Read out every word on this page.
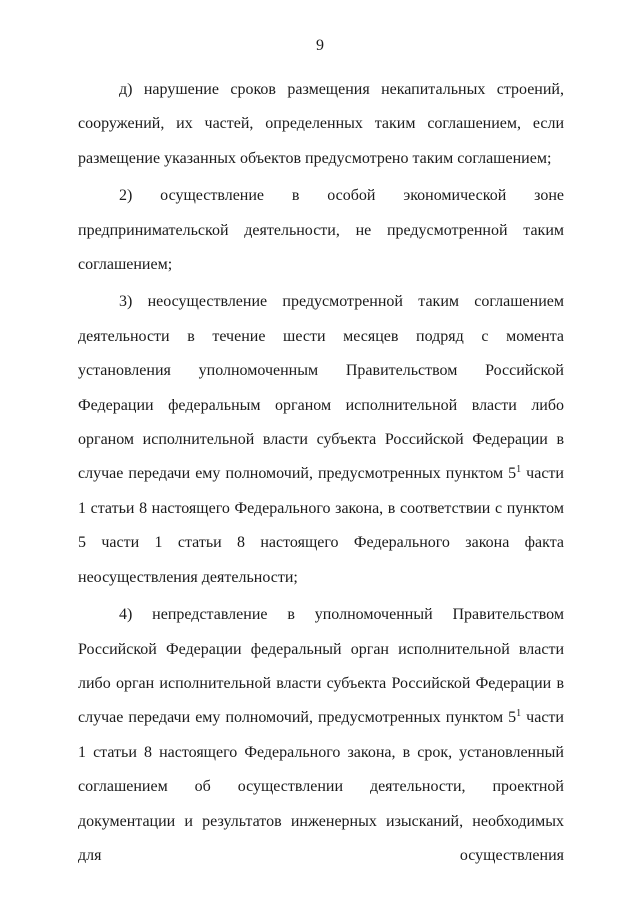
9

д) нарушение сроков размещения некапитальных строений, сооружений, их частей, определенных таким соглашением, если размещение указанных объектов предусмотрено таким соглашением;

2) осуществление в особой экономической зоне предпринимательской деятельности, не предусмотренной таким соглашением;

3) неосуществление предусмотренной таким соглашением деятельности в течение шести месяцев подряд с момента установления уполномоченным Правительством Российской Федерации федеральным органом исполнительной власти либо органом исполнительной власти субъекта Российской Федерации в случае передачи ему полномочий, предусмотренных пунктом $5^1$ части 1 статьи 8 настоящего Федерального закона, в соответствии с пунктом 5 части 1 статьи 8 настоящего Федерального закона факта неосуществления деятельности;

4) непредставление в уполномоченный Правительством Российской Федерации федеральный орган исполнительной власти либо орган исполнительной власти субъекта Российской Федерации в случае передачи ему полномочий, предусмотренных пунктом $5^1$ части 1 статьи 8 настоящего Федерального закона, в срок, установленный соглашением об осуществлении деятельности, проектной документации и результатов инженерных изысканий, необходимых для осуществления
